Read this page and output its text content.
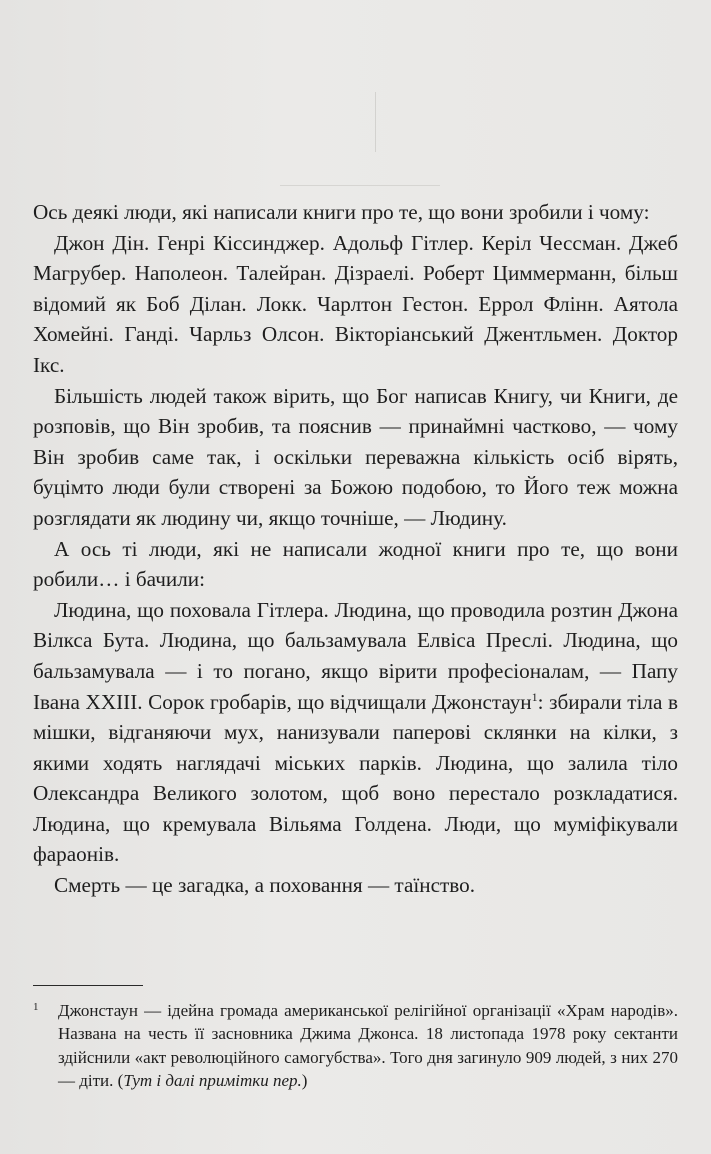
Ось деякі люди, які написали книги про те, що вони зробили і чому:

Джон Дін. Генрі Кіссинджер. Адольф Гітлер. Керіл Чессман. Джеб Магрубер. Наполеон. Талейран. Дізраелі. Роберт Циммерманн, більш відомий як Боб Ділан. Локк. Чарлтон Гестон. Еррол Флінн. Аятола Хомейні. Ганді. Чарльз Олсон. Вікторіанський Джентльмен. Доктор Ікс.

Більшість людей також вірить, що Бог написав Книгу, чи Книги, де розповів, що Він зробив, та пояснив — принаймні частково, — чому Він зробив саме так, і оскільки переважна кількість осіб вірять, буцімто люди були створені за Божою подобою, то Його теж можна розглядати як людину чи, якщо точніше, — Людину.

А ось ті люди, які не написали жодної книги про те, що вони робили… і бачили:

Людина, що поховала Гітлера. Людина, що проводила розтин Джона Вілкса Бута. Людина, що бальзамувала Елвіса Преслі. Людина, що бальзамувала — і то погано, якщо вірити професіоналам, — Папу Івана XXIII. Сорок гробарів, що відчищали Джонстаун$^1$: збирали тіла в мішки, відганяючи мух, нанизували паперові склянки на кілки, з якими ходять наглядачі міських парків. Людина, що залила тіло Олександра Великого золотом, щоб воно перестало розкладатися. Людина, що кремувала Вільяма Голдена. Люди, що муміфікували фараонів.

Смерть — це загадка, а поховання — таїнство.

1 Джонстаун — ідейна громада американської релігійної організації «Храм народів». Названа на честь її засновника Джима Джонса. 18 листопада 1978 року сектанти здійснили «акт революційного самогубства». Того дня загинуло 909 людей, з них 270 — діти. (Тут і далі примітки пер.)
